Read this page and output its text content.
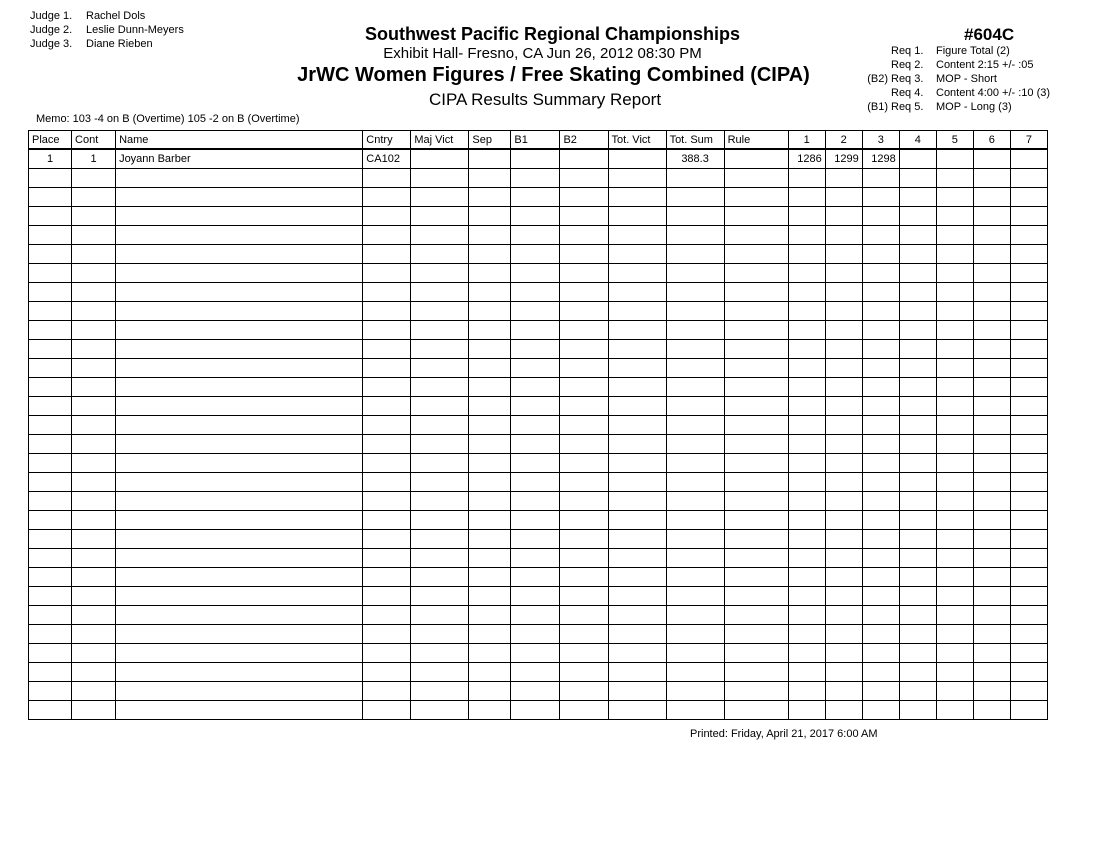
Judge 1. Rachel Dols
Judge 2. Leslie Dunn-Meyers
Judge 3. Diane Rieben	Southwest Pacific Regional Championships
Exhibit Hall- Fresno, CA Jun 26, 2012 08:30 PM
JrWC Women Figures / Free Skating Combined (CIPA)
CIPA Results Summary Report
#604C
Req 1. Figure Total (2)
Req 2. Content 2:15 +/- :05
(B2) Req 3. MOP - Short
Req 4. Content 4:00 +/- :10 (3)
(B1) Req 5. MOP - Long (3)
Memo: 103 -4 on B (Overtime) 105 -2 on B (Overtime)
Place	Cont	Name	Cntry	Maj Vict	Sep	B1	B2	Tot. Vict	Tot. Sum	Rule	1	2	3	4	5	6	7
1	1	Joyann Barber	CA102						388.3		1286	1299	1298				

Printed: Friday, April 21, 2017 6:00 AM
